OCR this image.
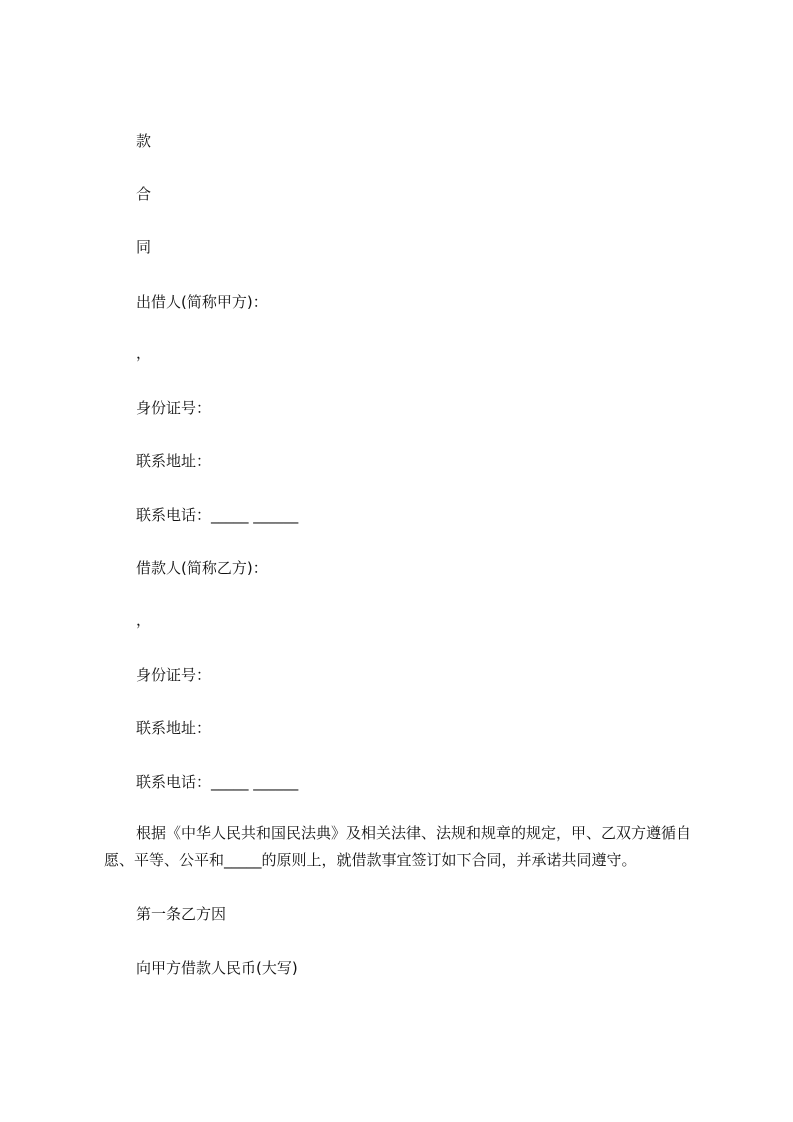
款
合
同
出借人(简称甲方)：
，
身份证号：
联系地址：
联系电话：_____ ______
借款人(简称乙方)：
，
身份证号：
联系地址：
联系电话：_____ ______
根据《中华人民共和国民法典》及相关法律、法规和规章的规定，甲、乙双方遵循自愿、平等、公平和_____的原则上，就借款事宜签订如下合同，并承诺共同遵守。
第一条乙方因
向甲方借款人民币(大写)
